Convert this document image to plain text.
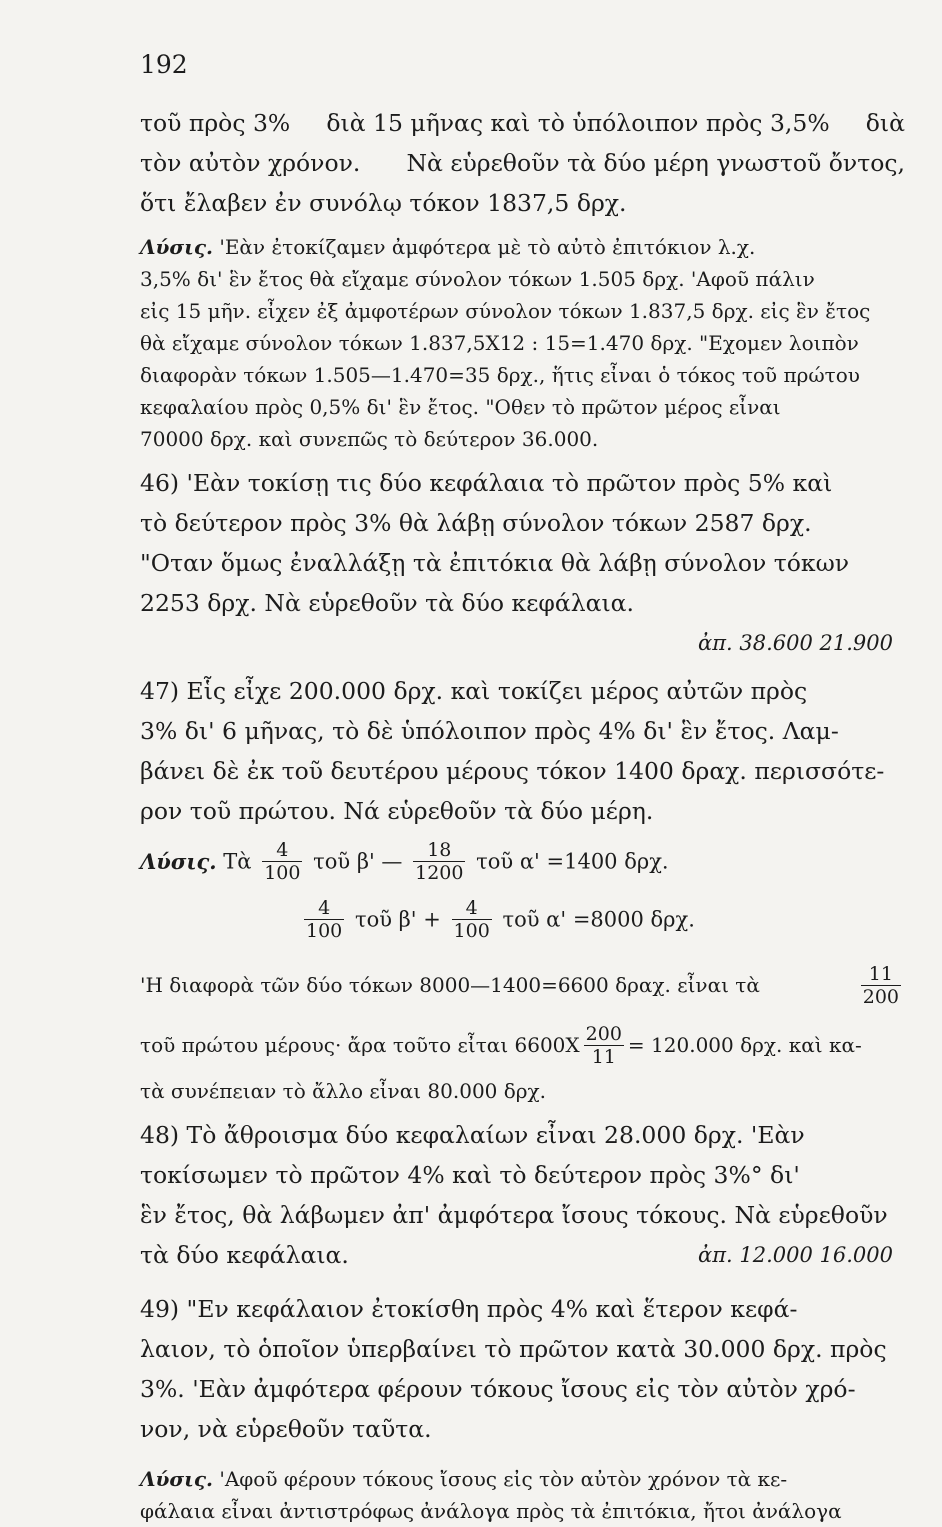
192
τοῦ πρὸς 3% διὰ 15 μῆνας καὶ τὸ ὑπόλοιπον πρὸς 3,5% διὰ
τὸν αὐτὸν χρόνον. Νὰ εὑρεθοῦν τὰ δύο μέρη γνωστοῦ ὄντος,
ὅτι ἔλαβεν ἐν συνόλῳ τόκον 1837,5 δρχ.
Λύσις.
'Εὰν ἐτοκίζαμεν ἀμφότερα μὲ τὸ αὐτὸ ἐπιτόκιον λ.χ.
3,5% δι' ἓν ἔτος θὰ εἴχαμε σύνολον τόκων 1.505 δρχ. 'Αφοῦ πάλιν
εἰς 15 μῆν. εἶχεν ἐξ ἀμφοτέρων σύνολον τόκων 1.837,5 δρχ. εἰς ἓν ἔτος
θὰ εἴχαμε σύνολον τόκων 1.837,5Χ12 : 15=1.470 δρχ. "Εχομεν λοιπὸν
διαφορὰν τόκων 1.505—1.470=35 δρχ., ἥτις εἶναι ὁ τόκος τοῦ πρώτου
κεφαλαίου πρὸς 0,5% δι' ἓν ἔτος. "Οθεν τὸ πρῶτον μέρος εἶναι
70000 δρχ. καὶ συνεπῶς τὸ δεύτερον 36.000.
46) 'Εὰν τοκίσῃ τις δύο κεφάλαια τὸ πρῶτον πρὸς 5% καὶ
τὸ δεύτερον πρὸς 3% θὰ λάβῃ σύνολον τόκων 2587 δρχ.
"Οταν ὅμως ἐναλλάξῃ τὰ ἐπιτόκια θὰ λάβῃ σύνολον τόκων
2253 δρχ. Νὰ εὑρεθοῦν τὰ δύο κεφάλαια.
ἀπ. 38.600 21.900
47) Εἷς εἶχε 200.000 δρχ. καὶ τοκίζει μέρος αὐτῶν πρὸς
3% δι' 6 μῆνας, τὸ δὲ ὑπόλοιπον πρὸς 4% δι' ἓν ἔτος. Λαμ-
βάνει δὲ ἐκ τοῦ δευτέρου μέρους τόκον 1400 δραχ. περισσότε-
ρον τοῦ πρώτου. Νά εὑρεθοῦν τὰ δύο μέρη.
Λύσις. Τὰ $\frac{4}{100}$ τοῦ β' — $\frac{18}{1200}$ τοῦ α' =1400 δρχ.
$\frac{4}{100}$ τοῦ $\beta' + \frac{4}{100}$ τοῦ α' =8000 δρχ.
'Η διαφορὰ τῶν δύο τόκων 8000—1400=6600 δραχ. εἶναι τὰ	$\frac{11}{200}$
τοῦ πρώτου μέρους· ἄρα τοῦτο εἶται $6600X \frac{200}{11} = 120.000$ δρχ. καὶ κα-
τὰ συνέπειαν τὸ ἄλλο εἶναι 80.000 δρχ.
48) Τὸ ἄθροισμα δύο κεφαλαίων εἶναι 28.000 δρχ. 'Εὰν
τοκίσωμεν τὸ πρῶτον 4% καὶ τὸ δεύτερον πρὸς 3%° δι'
ἓν ἔτος, θὰ λάβωμεν ἀπ' ἀμφότερα ἴσους τόκους. Νὰ εὑρεθοῦν
τὰ δύο κεφάλαια.	ἀπ. 12.000 16.000
49) "Εν κεφάλαιον ἐτοκίσθη πρὸς 4% καὶ ἕτερον κεφά-
λαιον, τὸ ὁποῖον ὑπερβαίνει τὸ πρῶτον κατὰ 30.000 δρχ. πρὸς
3%. 'Εὰν ἀμφότερα φέρουν τόκους ἴσους εἰς τὸν αὐτὸν χρό-
νον, νὰ εὑρεθοῦν ταῦτα.
Λύσις.
'Αφοῦ φέρουν τόκους ἴσους εἰς τὸν αὐτὸν χρόνον τὰ κε-
φάλαια εἶναι ἀντιστρόφως ἀνάλογα πρὸς τὰ ἐπιτόκια, ἤτοι ἀνάλογα
